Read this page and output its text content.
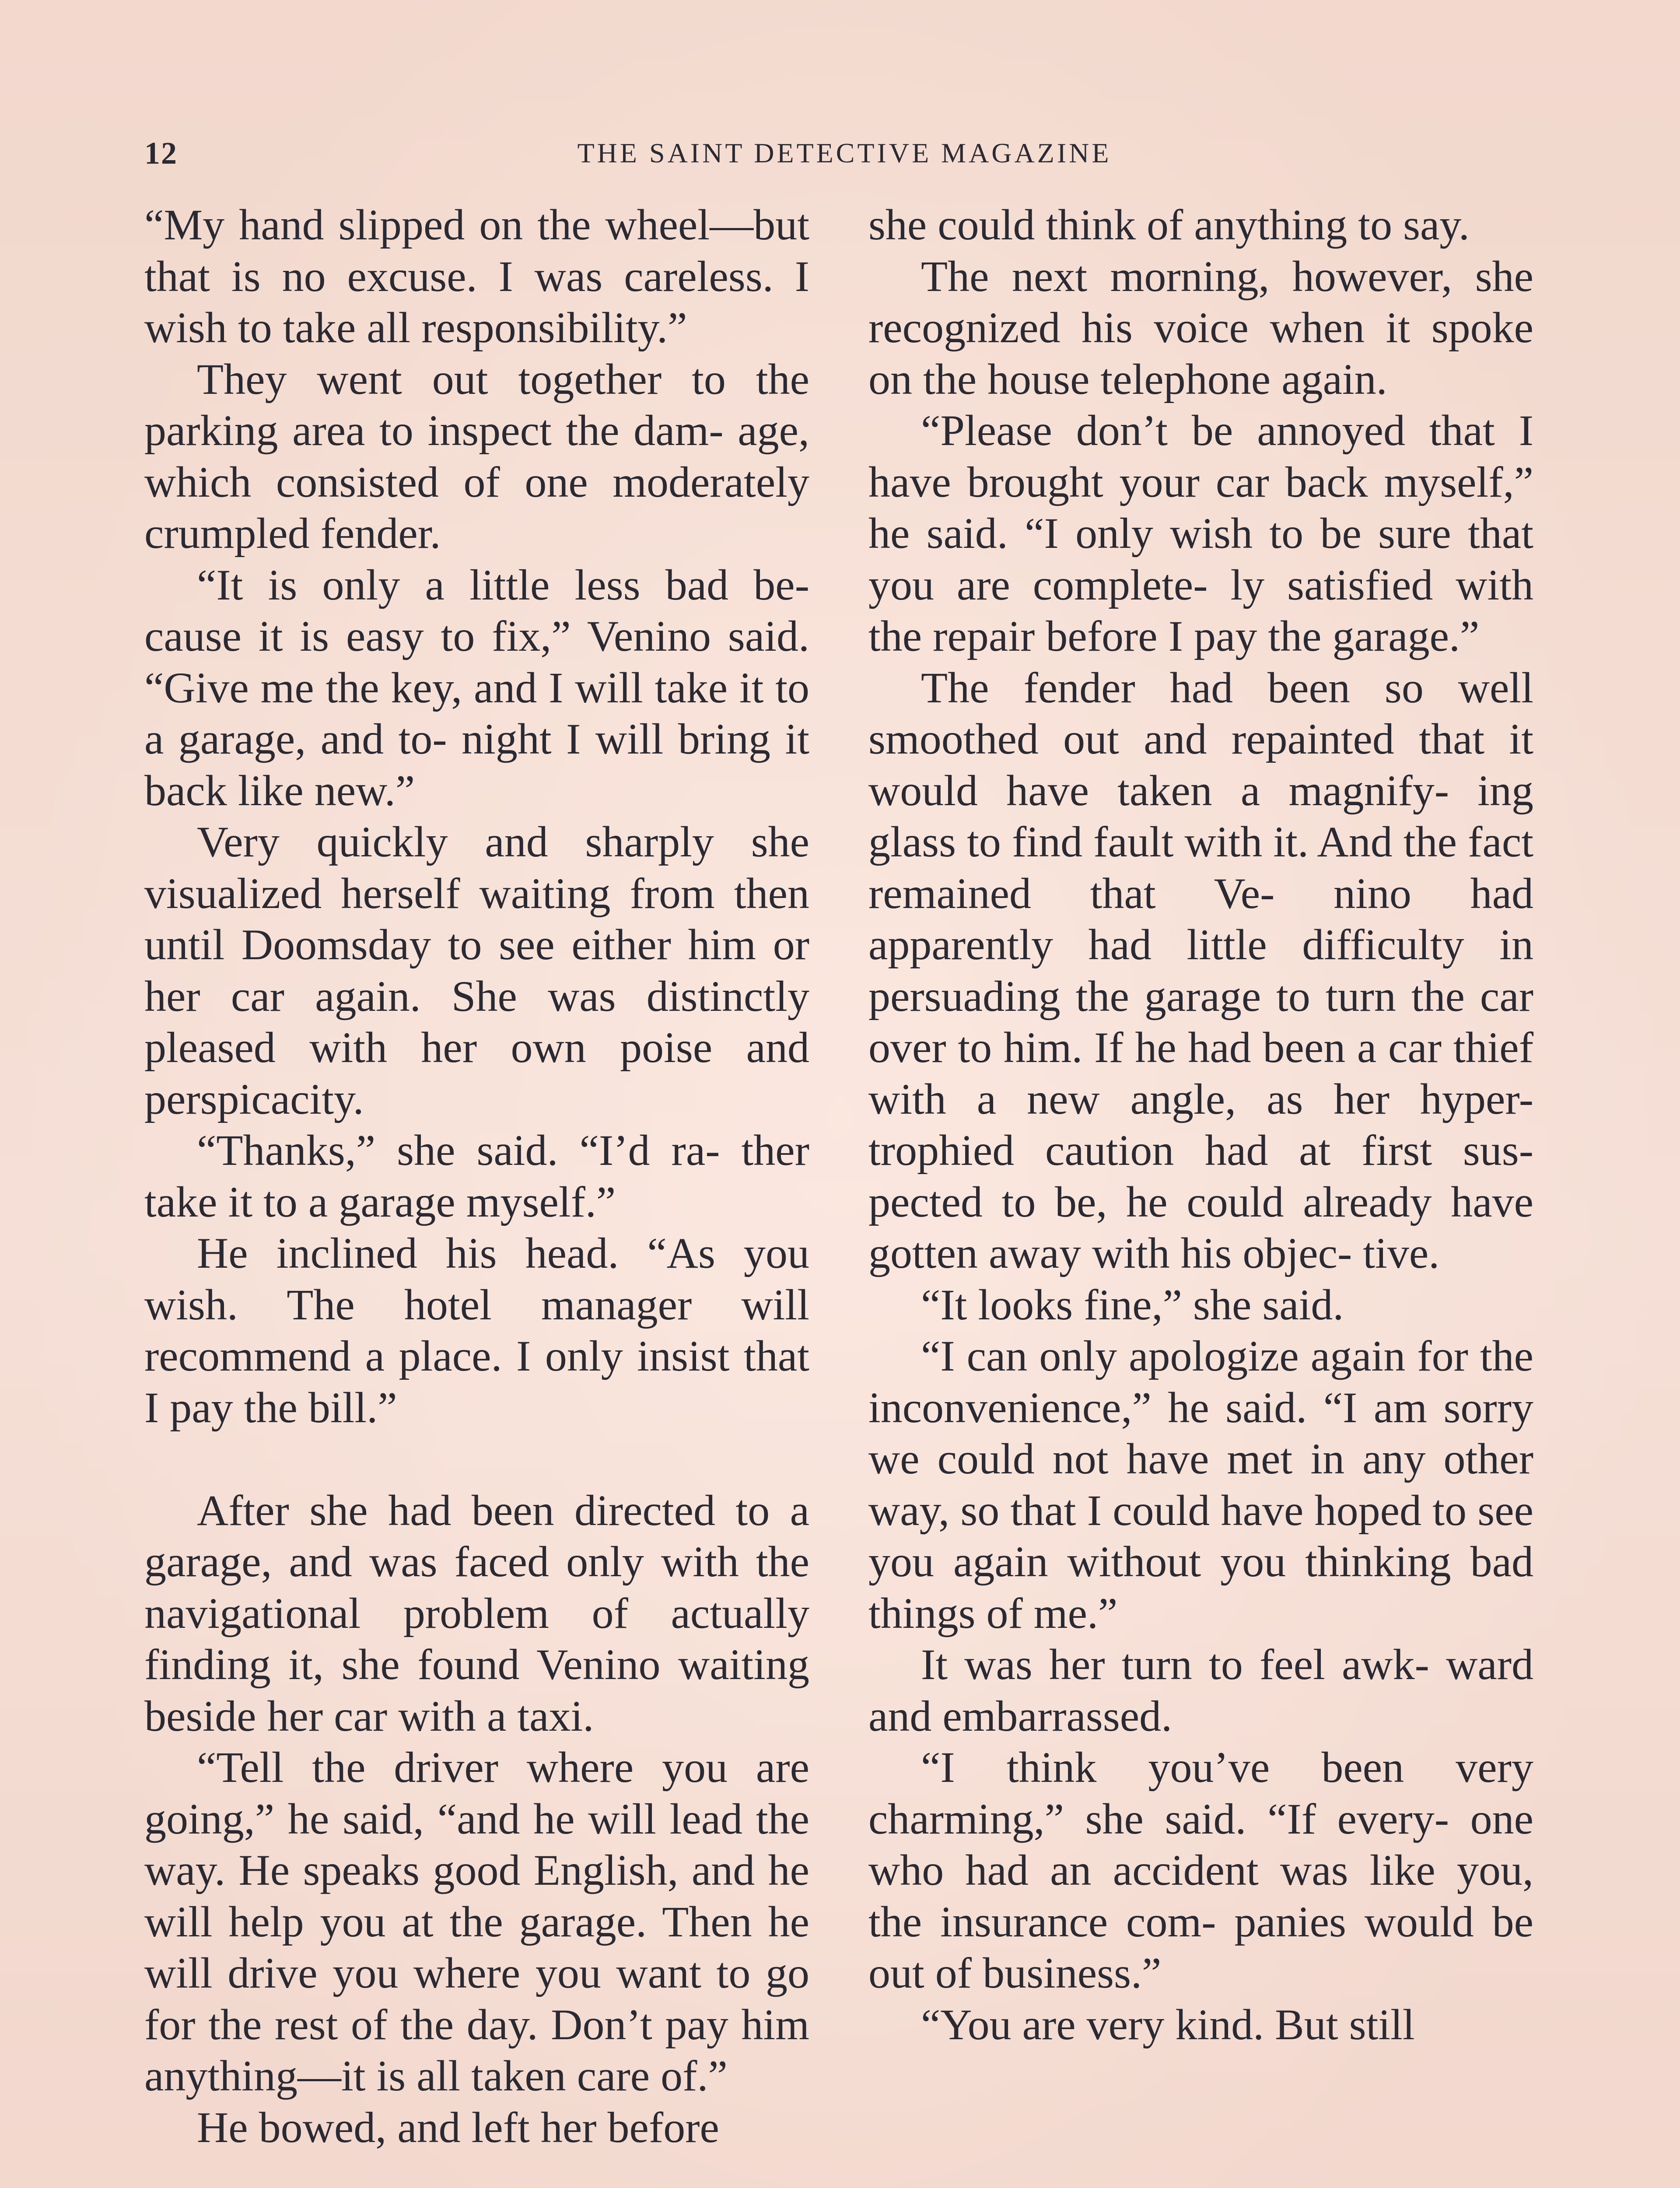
12	THE SAINT DETECTIVE MAGAZINE

“My hand slipped on the wheel—but that is no excuse. I was careless. I wish to take all responsibility.”

They went out together to the parking area to inspect the dam- age, which consisted of one moderately crumpled fender.

“It is only a little less bad be- cause it is easy to fix,” Venino said. “Give me the key, and I will take it to a garage, and to- night I will bring it back like new.”

Very quickly and sharply she visualized herself waiting from then until Doomsday to see either him or her car again. She was distinctly pleased with her own poise and perspicacity.

“Thanks,” she said. “I’d ra- ther take it to a garage myself.”

He inclined his head. “As you wish. The hotel manager will recommend a place. I only insist that I pay the bill.”

After she had been directed to a garage, and was faced only with the navigational problem of actually finding it, she found Venino waiting beside her car with a taxi.

“Tell the driver where you are going,” he said, “and he will lead the way. He speaks good English, and he will help you at the garage. Then he will drive you where you want to go for the rest of the day. Don’t pay him anything—it is all taken care of.”

He bowed, and left her before

she could think of anything to say.

The next morning, however, she recognized his voice when it spoke on the house telephone again.

“Please don’t be annoyed that I have brought your car back myself,” he said. “I only wish to be sure that you are complete- ly satisfied with the repair before I pay the garage.”

The fender had been so well smoothed out and repainted that it would have taken a magnify- ing glass to find fault with it. And the fact remained that Ve- nino had apparently had little difficulty in persuading the garage to turn the car over to him. If he had been a car thief with a new angle, as her hyper- trophied caution had at first sus- pected to be, he could already have gotten away with his objec- tive.

“It looks fine,” she said.

“I can only apologize again for the inconvenience,” he said. “I am sorry we could not have met in any other way, so that I could have hoped to see you again without you thinking bad things of me.”

It was her turn to feel awk- ward and embarrassed.

“I think you’ve been very charming,” she said. “If every- one who had an accident was like you, the insurance com- panies would be out of business.”

“You are very kind. But still
